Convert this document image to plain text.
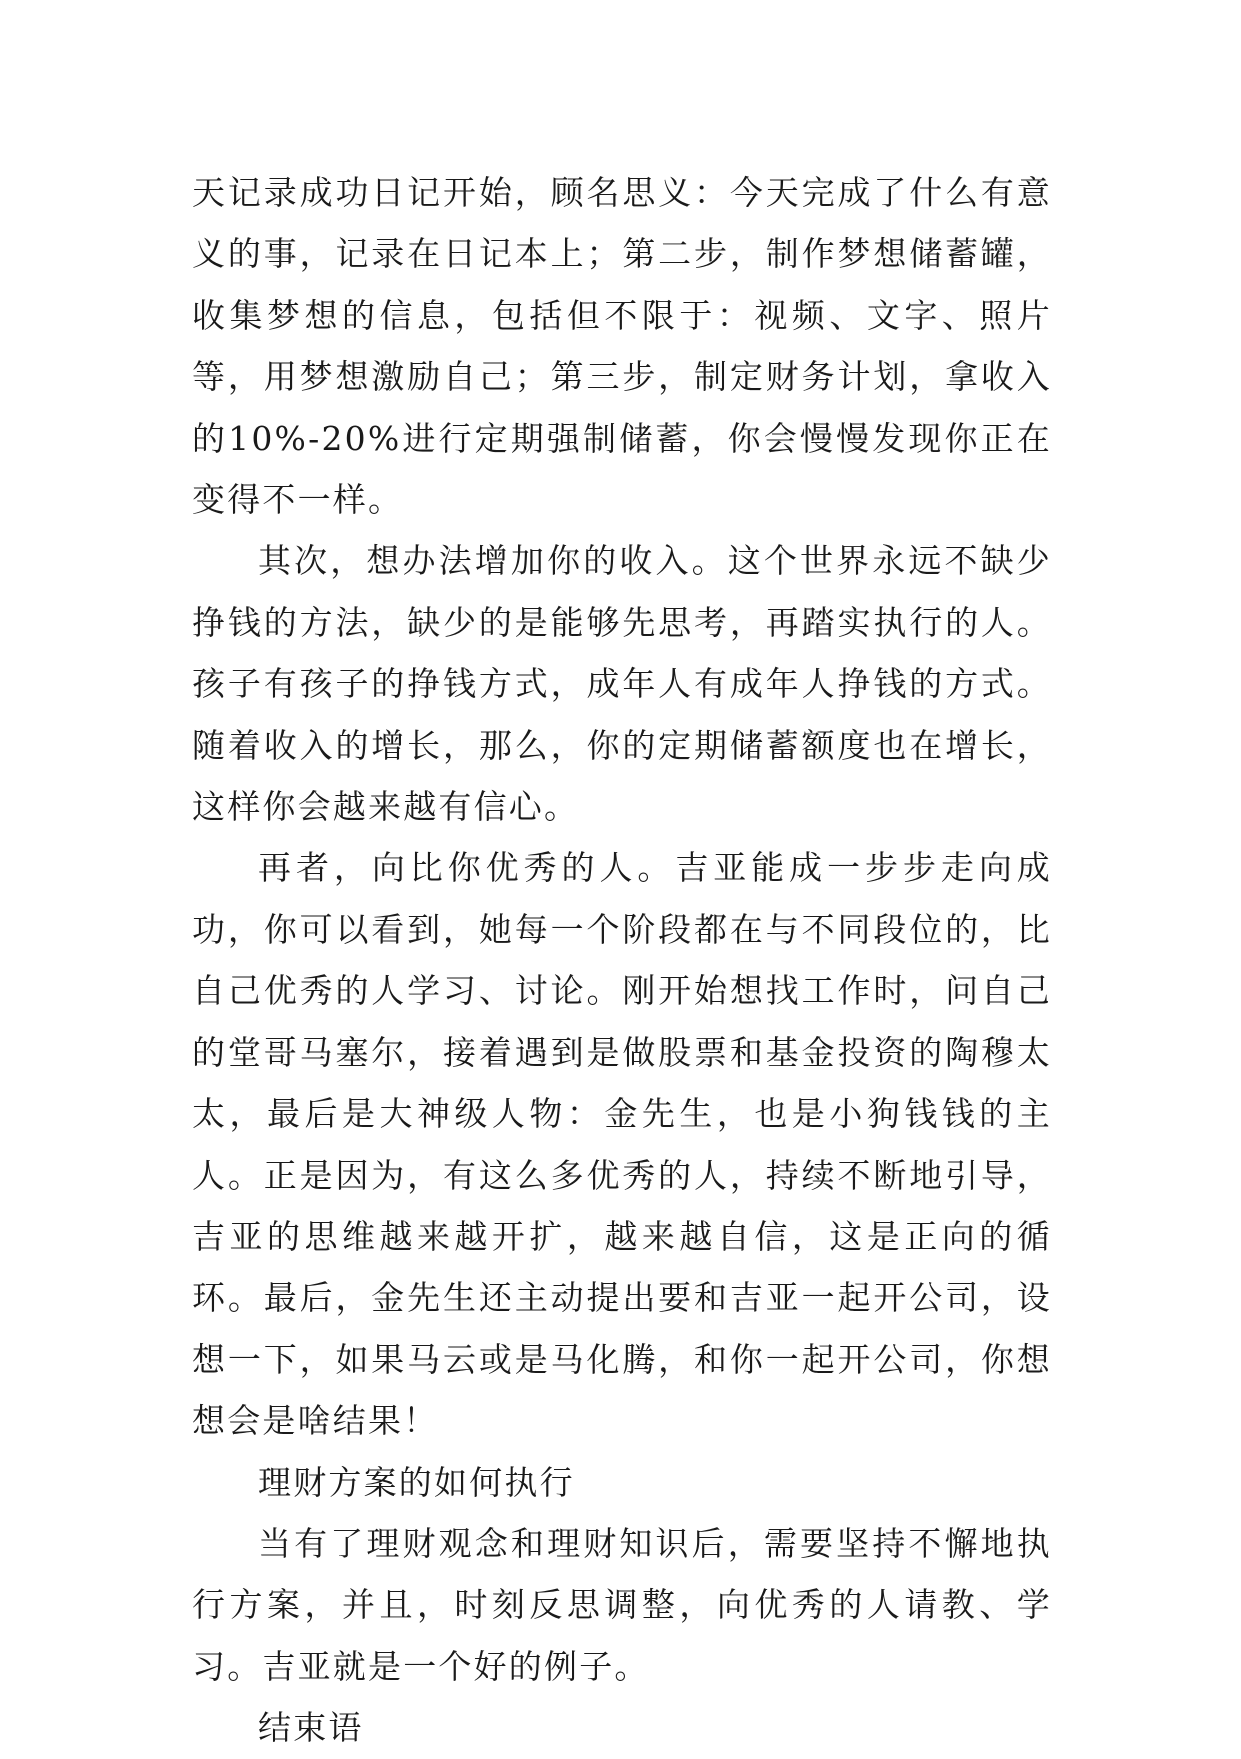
天记录成功日记开始，顾名思义：今天完成了什么有意义的事，记录在日记本上；第二步，制作梦想储蓄罐，收集梦想的信息，包括但不限于：视频、文字、照片等，用梦想激励自己；第三步，制定财务计划，拿收入的10%-20%进行定期强制储蓄，你会慢慢发现你正在变得不一样。

其次，想办法增加你的收入。这个世界永远不缺少挣钱的方法，缺少的是能够先思考，再踏实执行的人。孩子有孩子的挣钱方式，成年人有成年人挣钱的方式。随着收入的增长，那么，你的定期储蓄额度也在增长，这样你会越来越有信心。

再者，向比你优秀的人。吉亚能成一步步走向成功，你可以看到，她每一个阶段都在与不同段位的，比自己优秀的人学习、讨论。刚开始想找工作时，问自己的堂哥马塞尔，接着遇到是做股票和基金投资的陶穆太太，最后是大神级人物：金先生，也是小狗钱钱的主人。正是因为，有这么多优秀的人，持续不断地引导，吉亚的思维越来越开扩，越来越自信，这是正向的循环。最后，金先生还主动提出要和吉亚一起开公司，设想一下，如果马云或是马化腾，和你一起开公司，你想想会是啥结果！

理财方案的如何执行

当有了理财观念和理财知识后，需要坚持不懈地执行方案，并且，时刻反思调整，向优秀的人请教、学习。吉亚就是一个好的例子。

结束语
